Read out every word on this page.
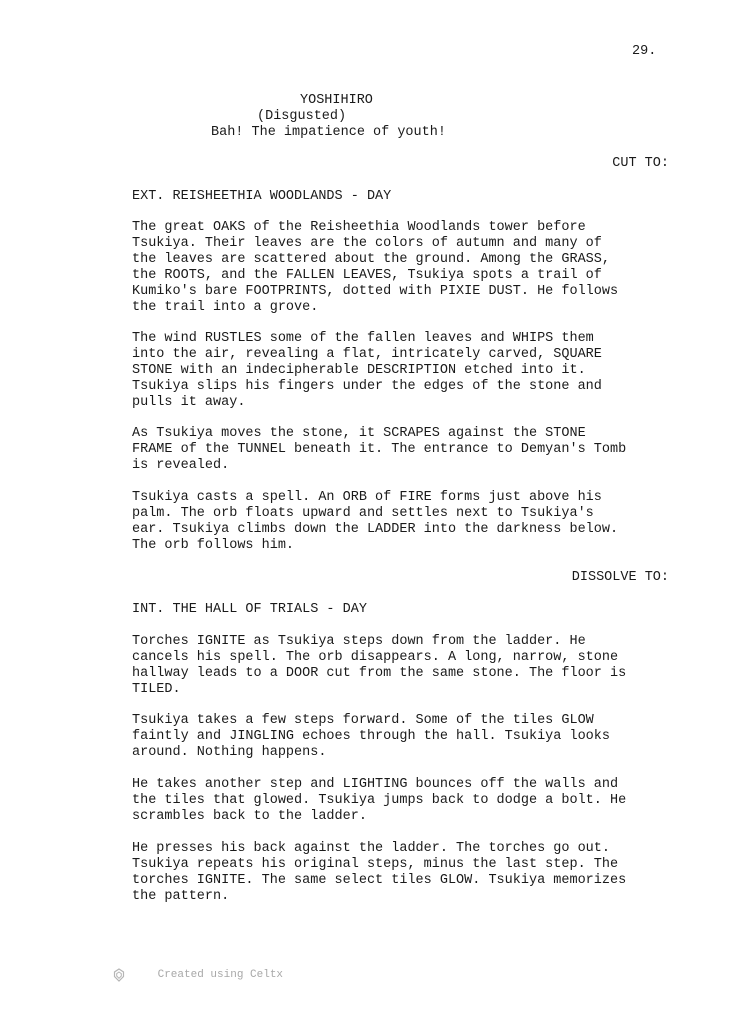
29.
YOSHIHIRO
(Disgusted)
Bah! The impatience of youth!
CUT TO:
EXT. REISHEETHIA WOODLANDS - DAY

The great OAKS of the Reisheethia Woodlands tower before
Tsukiya. Their leaves are the colors of autumn and many of
the leaves are scattered about the ground. Among the GRASS,
the ROOTS, and the FALLEN LEAVES, Tsukiya spots a trail of
Kumiko's bare FOOTPRINTS, dotted with PIXIE DUST. He follows
the trail into a grove.

The wind RUSTLES some of the fallen leaves and WHIPS them
into the air, revealing a flat, intricately carved, SQUARE
STONE with an indecipherable DESCRIPTION etched into it.
Tsukiya slips his fingers under the edges of the stone and
pulls it away.

As Tsukiya moves the stone, it SCRAPES against the STONE
FRAME of the TUNNEL beneath it. The entrance to Demyan's Tomb
is revealed.

Tsukiya casts a spell. An ORB of FIRE forms just above his
palm. The orb floats upward and settles next to Tsukiya's
ear. Tsukiya climbs down the LADDER into the darkness below.
The orb follows him.

DISSOLVE TO:
INT. THE HALL OF TRIALS - DAY

Torches IGNITE as Tsukiya steps down from the ladder. He
cancels his spell. The orb disappears. A long, narrow, stone
hallway leads to a DOOR cut from the same stone. The floor is
TILED.

Tsukiya takes a few steps forward. Some of the tiles GLOW
faintly and JINGLING echoes through the hall. Tsukiya looks
around. Nothing happens.

He takes another step and LIGHTING bounces off the walls and
the tiles that glowed. Tsukiya jumps back to dodge a bolt. He
scrambles back to the ladder.

He presses his back against the ladder. The torches go out.
Tsukiya repeats his original steps, minus the last step. The
torches IGNITE. The same select tiles GLOW. Tsukiya memorizes
the pattern.

Created using Celtx
